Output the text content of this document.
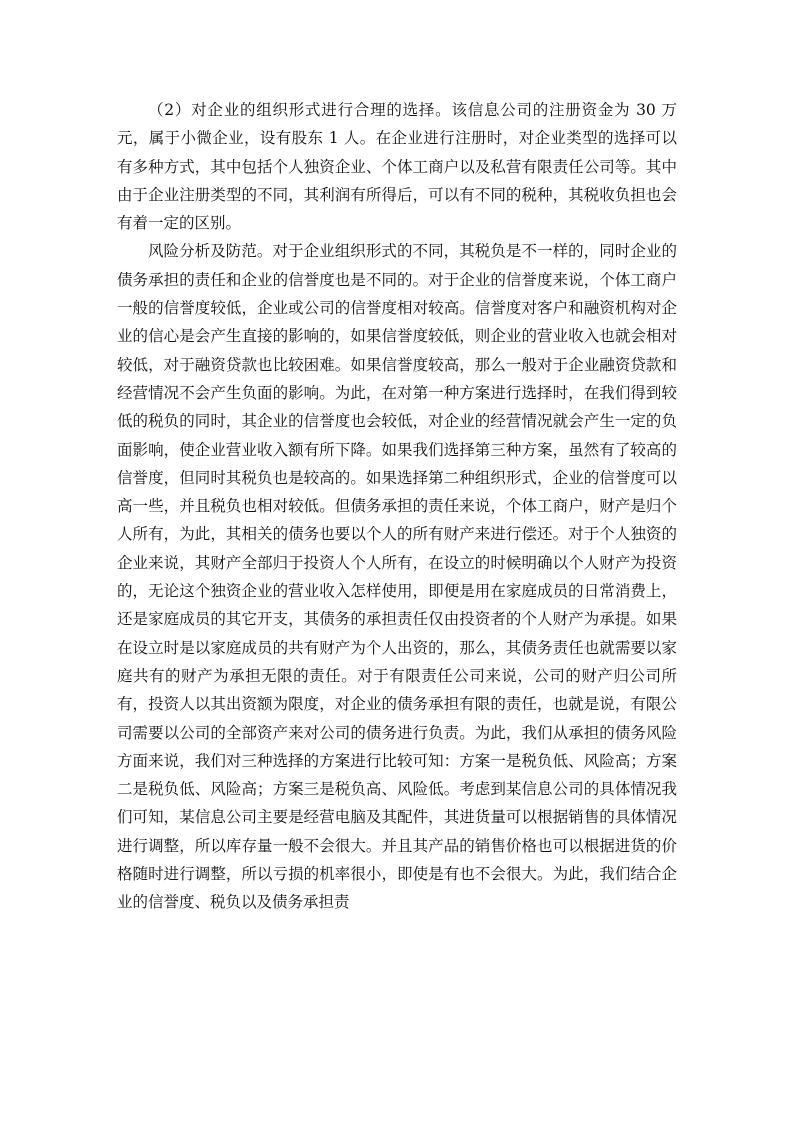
（2）对企业的组织形式进行合理的选择。该信息公司的注册资金为 30 万元，属于小微企业，设有股东 1 人。在企业进行注册时，对企业类型的选择可以有多种方式，其中包括个人独资企业、个体工商户以及私营有限责任公司等。其中由于企业注册类型的不同，其利润有所得后，可以有不同的税种，其税收负担也会有着一定的区别。

风险分析及防范。对于企业组织形式的不同，其税负是不一样的，同时企业的债务承担的责任和企业的信誉度也是不同的。对于企业的信誉度来说，个体工商户一般的信誉度较低，企业或公司的信誉度相对较高。信誉度对客户和融资机构对企业的信心是会产生直接的影响的，如果信誉度较低，则企业的营业收入也就会相对较低，对于融资贷款也比较困难。如果信誉度较高，那么一般对于企业融资贷款和经营情况不会产生负面的影响。为此，在对第一种方案进行选择时，在我们得到较低的税负的同时，其企业的信誉度也会较低，对企业的经营情况就会产生一定的负面影响，使企业营业收入额有所下降。如果我们选择第三种方案，虽然有了较高的信誉度，但同时其税负也是较高的。如果选择第二种组织形式，企业的信誉度可以高一些，并且税负也相对较低。但债务承担的责任来说，个体工商户，财产是归个人所有，为此，其相关的债务也要以个人的所有财产来进行偿还。对于个人独资的企业来说，其财产全部归于投资人个人所有，在设立的时候明确以个人财产为投资的，无论这个独资企业的营业收入怎样使用，即便是用在家庭成员的日常消费上，还是家庭成员的其它开支，其债务的承担责任仅由投资者的个人财产为承提。如果在设立时是以家庭成员的共有财产为个人出资的，那么，其债务责任也就需要以家庭共有的财产为承担无限的责任。对于有限责任公司来说，公司的财产归公司所有，投资人以其出资额为限度，对企业的债务承担有限的责任，也就是说，有限公司需要以公司的全部资产来对公司的债务进行负责。为此，我们从承担的债务风险方面来说，我们对三种选择的方案进行比较可知：方案一是税负低、风险高；方案二是税负低、风险高；方案三是税负高、风险低。考虑到某信息公司的具体情况我们可知，某信息公司主要是经营电脑及其配件，其进货量可以根据销售的具体情况进行调整，所以库存量一般不会很大。并且其产品的销售价格也可以根据进货的价格随时进行调整，所以亏损的机率很小，即使是有也不会很大。为此，我们结合企业的信誉度、税负以及债务承担责
